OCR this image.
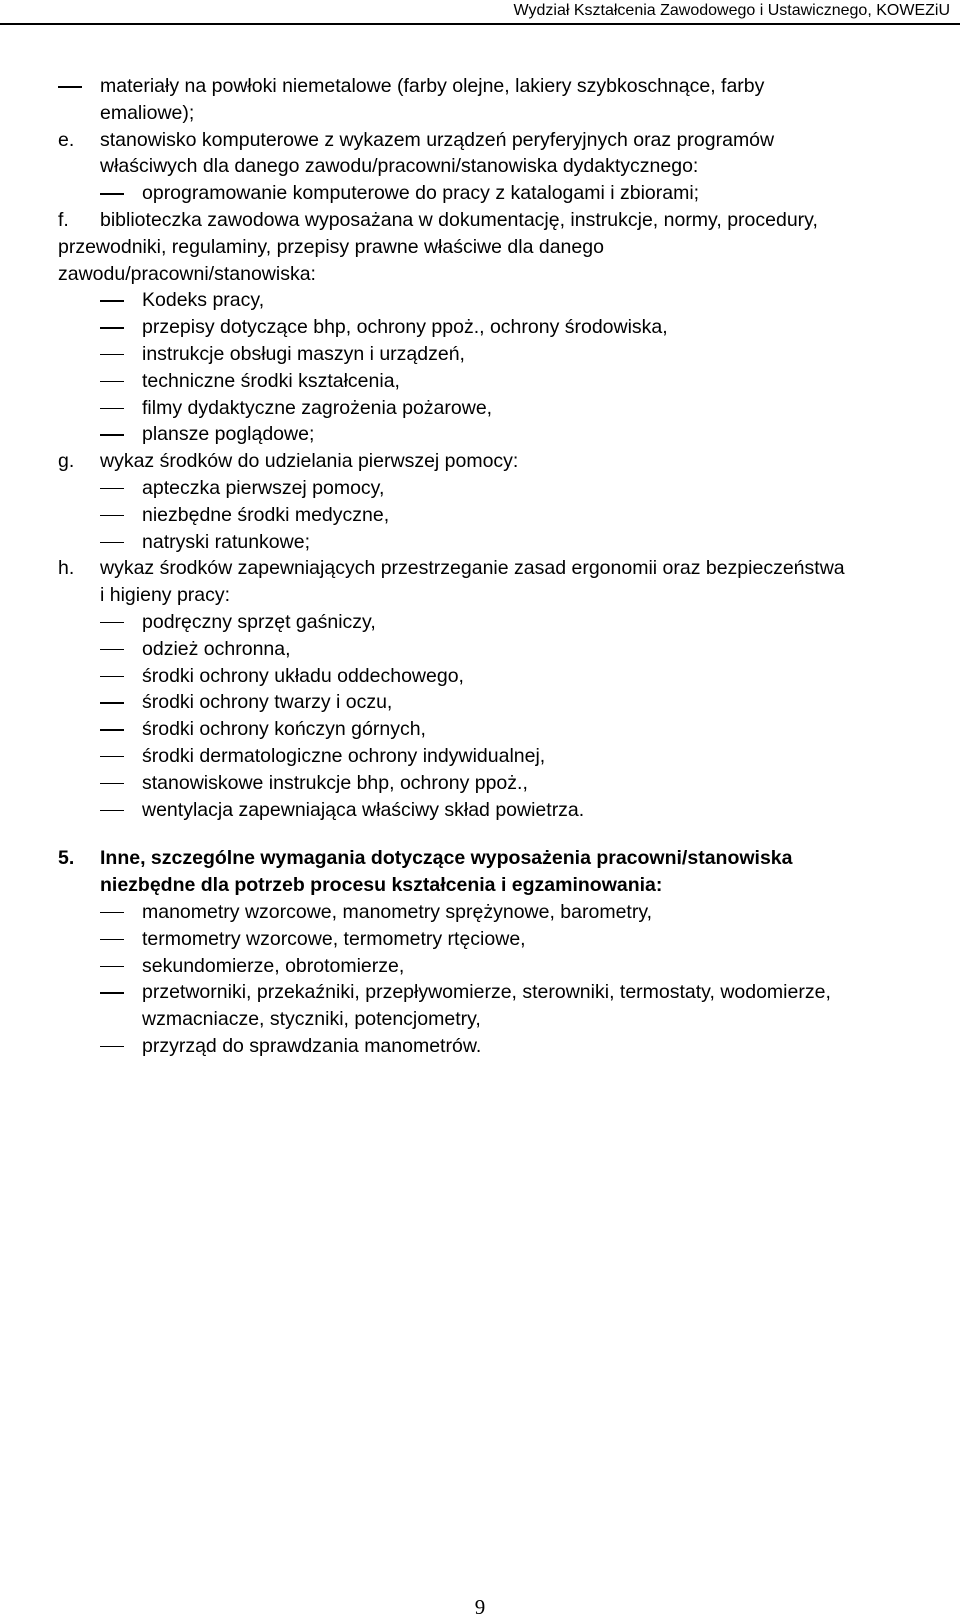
Wydział Kształcenia Zawodowego i Ustawicznego, KOWEZiU
materiały na powłoki niemetalowe (farby olejne, lakiery szybkoschnące, farby
emaliowe);
e. stanowisko komputerowe z wykazem urządzeń peryferyjnych oraz programów
właściwych dla danego zawodu/pracowni/stanowiska dydaktycznego:
oprogramowanie komputerowe do pracy z katalogami i zbiorami;
f. biblioteczka zawodowa wyposażana w dokumentację, instrukcje, normy, procedury,
przewodniki, regulaminy, przepisy prawne właściwe dla danego
zawodu/pracowni/stanowiska:
Kodeks pracy,
przepisy dotyczące bhp, ochrony ppoż., ochrony środowiska,
instrukcje obsługi maszyn i urządzeń,
techniczne środki kształcenia,
filmy dydaktyczne zagrożenia pożarowe,
plansze poglądowe;
g. wykaz środków do udzielania pierwszej pomocy:
apteczka pierwszej pomocy,
niezbędne środki medyczne,
natryski ratunkowe;
h. wykaz środków zapewniających przestrzeganie zasad ergonomii oraz bezpieczeństwa
i higieny pracy:
podręczny sprzęt gaśniczy,
odzież ochronna,
środki ochrony układu oddechowego,
środki ochrony twarzy i oczu,
środki ochrony kończyn górnych,
środki dermatologiczne ochrony indywidualnej,
stanowiskowe instrukcje bhp, ochrony ppoż.,
wentylacja zapewniająca właściwy skład powietrza.
5. Inne, szczególne wymagania dotyczące wyposażenia pracowni/stanowiska
niezbędne dla potrzeb procesu kształcenia i egzaminowania:
manometry wzorcowe, manometry sprężynowe, barometry,
termometry wzorcowe, termometry rtęciowe,
sekundomierze, obrotomierze,
przetworniki, przekaźniki, przepływomierze, sterowniki, termostaty, wodomierze,
wzmacniacze, styczniki, potencjometry,
przyrząd do sprawdzania manometrów.
9
